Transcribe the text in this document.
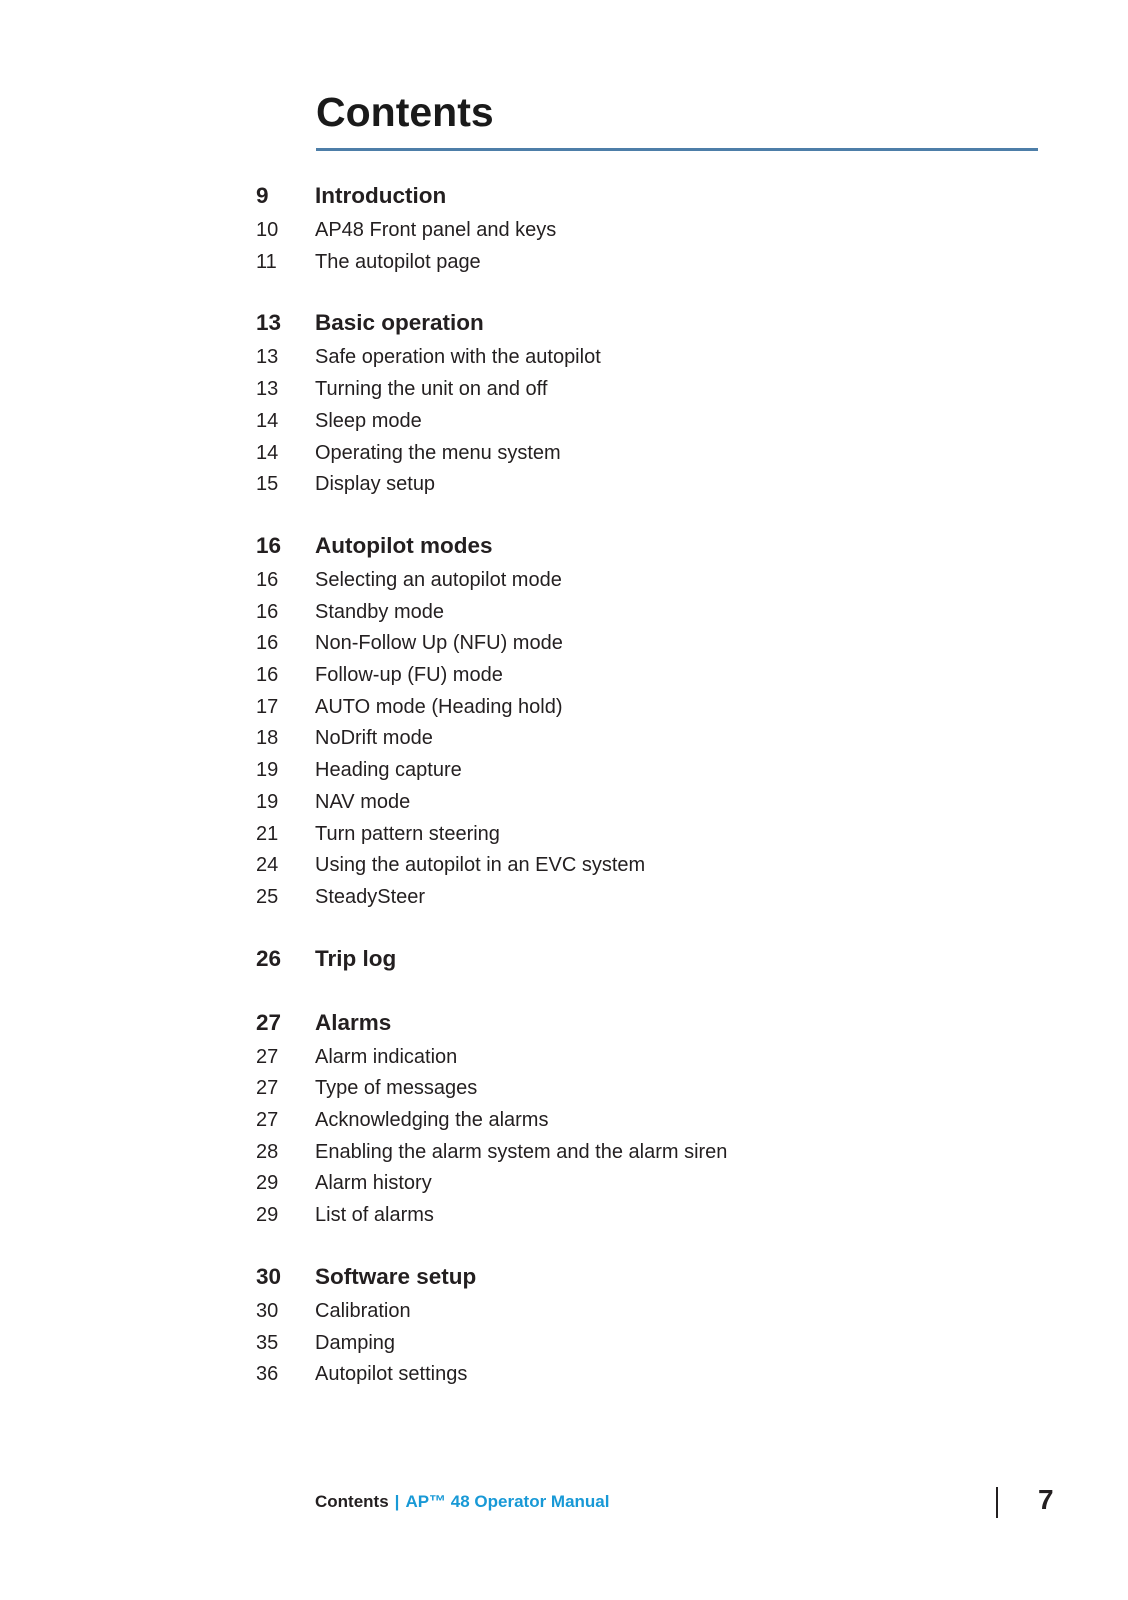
Contents
9	Introduction
10	AP48 Front panel and keys
11	The autopilot page
13	Basic operation
13	Safe operation with the autopilot
13	Turning the unit on and off
14	Sleep mode
14	Operating the menu system
15	Display setup
16	Autopilot modes
16	Selecting an autopilot mode
16	Standby mode
16	Non-Follow Up (NFU) mode
16	Follow-up (FU) mode
17	AUTO mode (Heading hold)
18	NoDrift mode
19	Heading capture
19	NAV mode
21	Turn pattern steering
24	Using the autopilot in an EVC system
25	SteadySteer
26	Trip log
27	Alarms
27	Alarm indication
27	Type of messages
27	Acknowledging the alarms
28	Enabling the alarm system and the alarm siren
29	Alarm history
29	List of alarms
30	Software setup
30	Calibration
35	Damping
36	Autopilot settings
Contents | AP™ 48 Operator Manual	7
